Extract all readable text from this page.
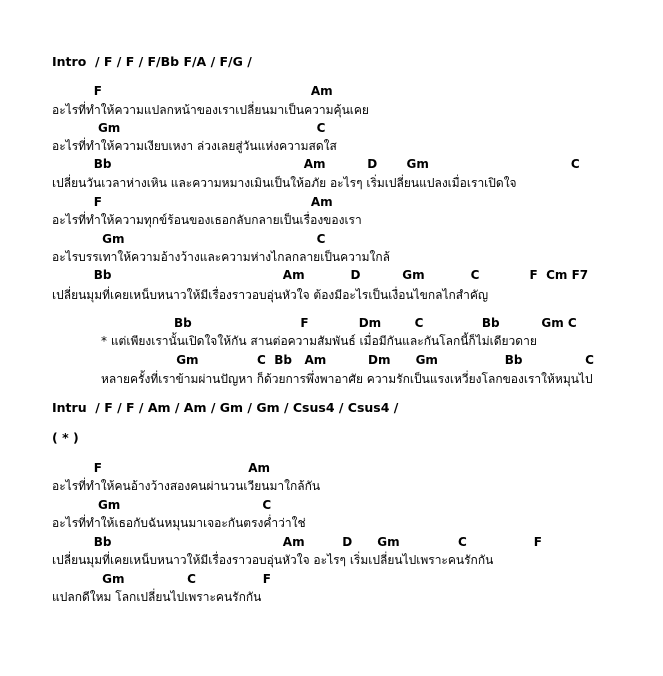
Intro  / F / F / F/Bb F/A / F/G /
F                                                  Am
อะไรที่ทำให้ความแปลกหน้าของเราเปลี่ยนมาเป็นความคุ้นเคย
Gm                                               C
อะไรที่ทำให้ความเงียบเหงา ล่วงเลยสู่วันแห่งความสดใส
Bb                                              Am          D       Gm                                  C
เปลี่ยนวันเวลาห่างเหิน และความหมางเมินเป็นให้อภัย อะไรๆ เริ่มเปลี่ยนแปลงเมื่อเราเปิดใจ
F                                                  Am
อะไรที่ทำให้ความทุกข์ร้อนของเธอกลับกลายเป็นเรื่องของเรา
Gm                                              C
อะไรบรรเทาให้ความอ้างว้างและความห่างไกลกลายเป็นความใกล้
Bb                                         Am           D          Gm           C            F  Cm F7
เปลี่ยนมุมที่เคยเหน็บหนาวให้มีเรื่องราวอบอุ่นหัวใจ ต้องมีอะไรเป็นเงื่อนไขกลไกสำคัญ
Bb                          F            Dm        C              Bb          Gm C
* แต่เพียงเรานั้นเปิดใจให้กัน สานต่อความสัมพันธ์ เมื่อมีกันและกันโลกนี้ก็ไม่เดียวดาย
Gm              C  Bb   Am          Dm      Gm                Bb               C
หลายครั้งที่เราข้ามผ่านปัญหา ก็ด้วยการพึ่งพาอาศัย ความรักเป็นแรงเหวี่ยงโลกของเราให้หมุนไป
Intru  / F / F / Am / Am / Gm / Gm / Csus4 / Csus4 /
( * )
F                                   Am
อะไรที่ทำให้คนอ้างว้างสองคนผ่านวนเวียนมาใกล้กัน
Gm                                  C
อะไรที่ทำให้เธอกับฉันหมุนมาเจอะกันตรงค่ำว่าใช่
Bb                                         Am         D      Gm              C                F
เปลี่ยนมุมที่เคยเหน็บหนาวให้มีเรื่องราวอบอุ่นหัวใจ อะไรๆ เริ่มเปลี่ยนไปเพราะคนรักกัน
Gm               C                F
แปลกดีใหม โลกเปลี่ยนไปเพราะคนรักกัน
